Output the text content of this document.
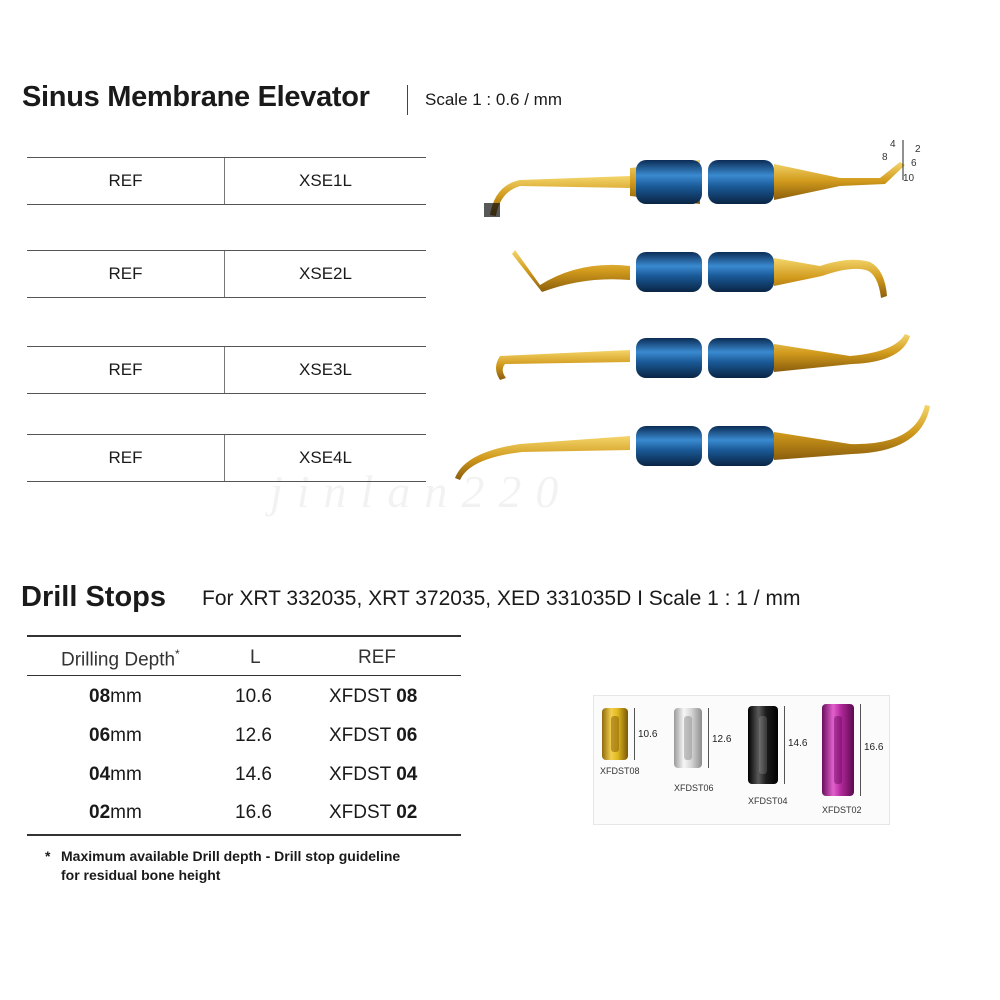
Sinus Membrane Elevator	Scale 1 : 0.6 / mm
REF	XSE1L
REF	XSE2L
REF	XSE3L
REF	XSE4L
4 2
8
6
10
jinlan220
Drill Stops For XRT 332035, XRT 372035, XED 331035D I Scale 1 : 1 / mm
Drilling Depth*	L	REF
08mm	10.6	XFDST 08
06mm	12.6	XFDST 06
04mm	14.6	XFDST 04
02mm	16.6	XFDST 02
* Maximum available Drill depth - Drill stop guideline
for residual bone height
10.6
XFDST08
12.6
XFDST06
14.6
XFDST04
16.6
XFDST02
